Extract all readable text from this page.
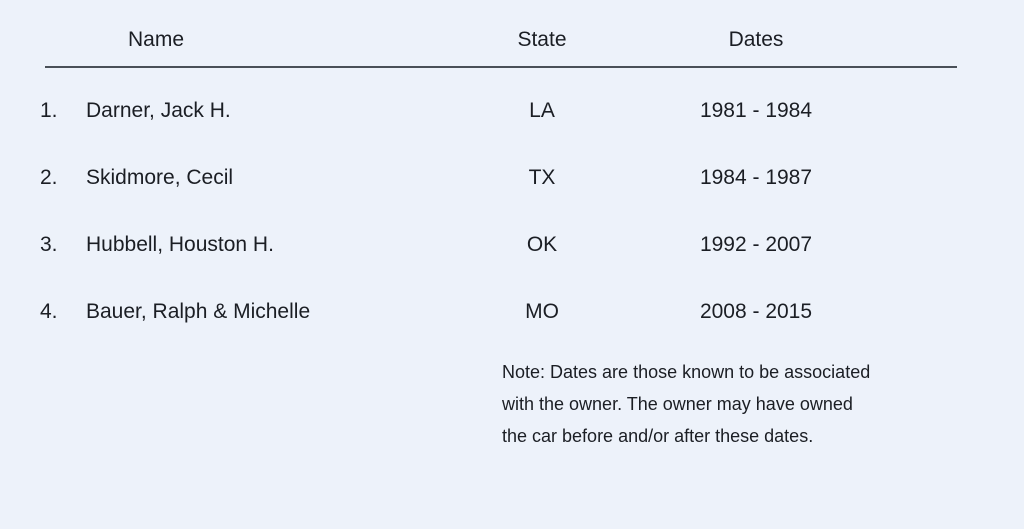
Name	State	Dates
1.	Darner, Jack H.	LA	1981 - 1984
2.	Skidmore, Cecil	TX	1984 - 1987
3.	Hubbell, Houston H.	OK	1992 - 2007
4.	Bauer, Ralph & Michelle	MO	2008 - 2015
Note: Dates are those known to be associated
with the owner. The owner may have owned
the car before and/or after these dates.
